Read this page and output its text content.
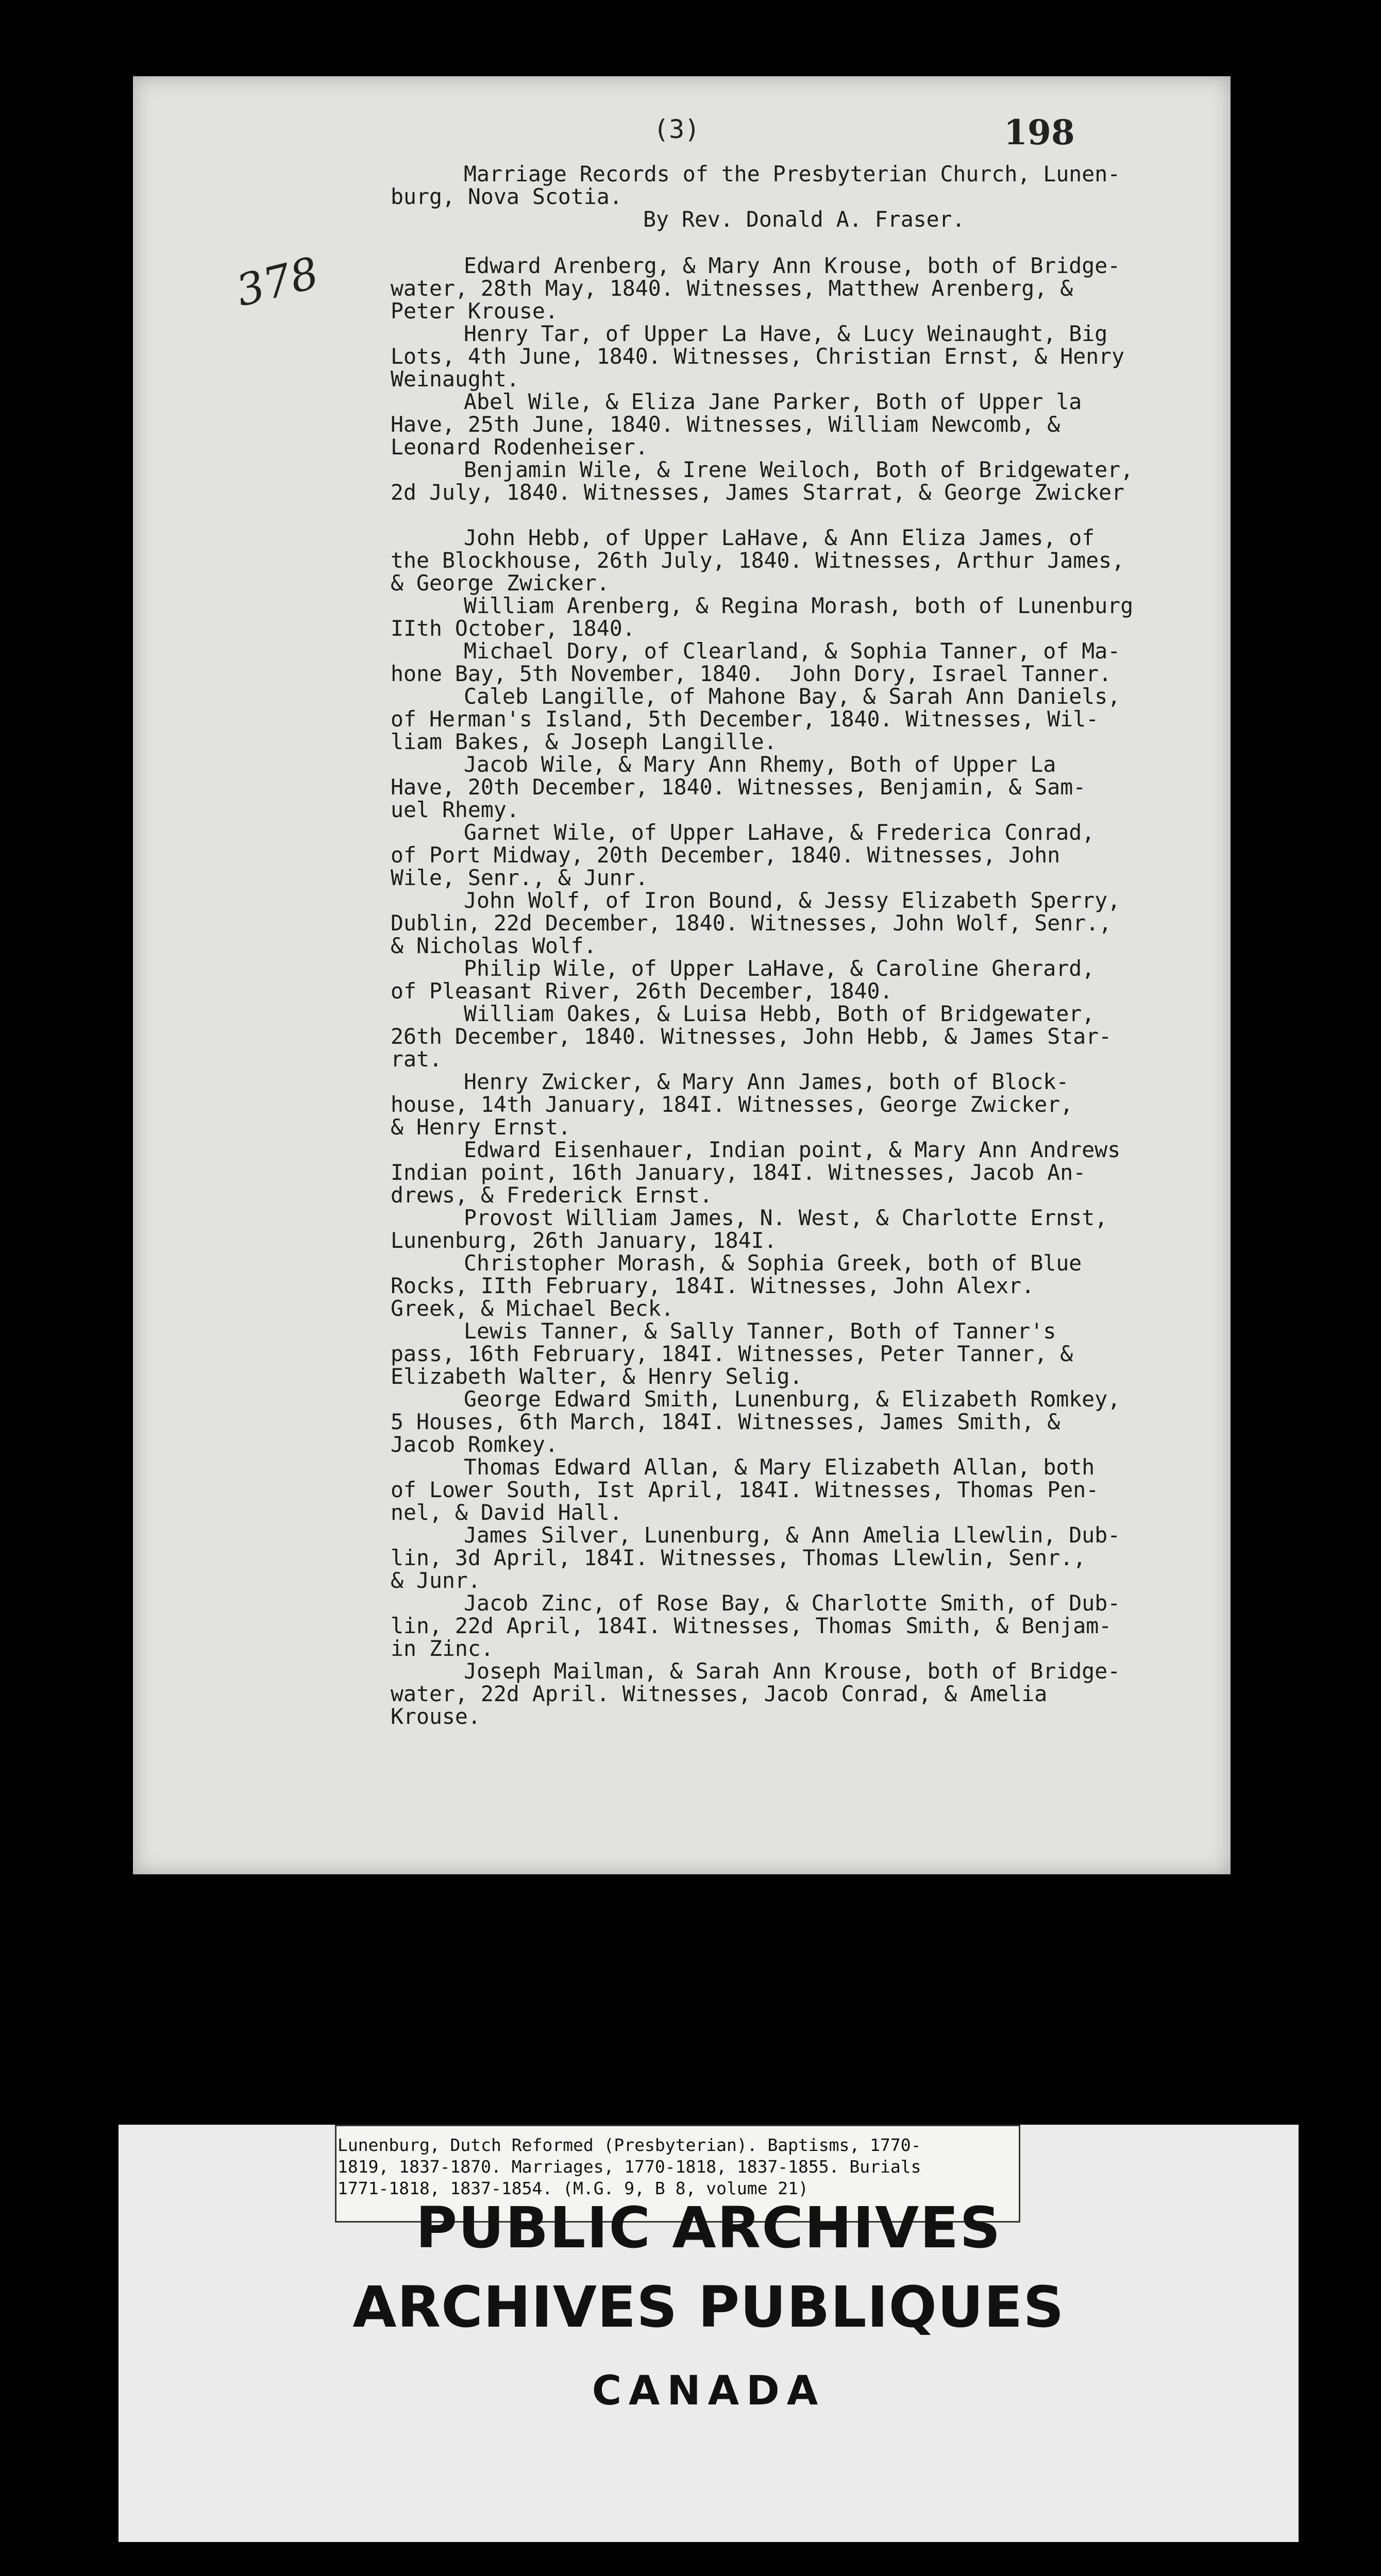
(3)	198
378
Marriage Records of the Presbyterian Church, Lunen-
burg, Nova Scotia.
By Rev. Donald A. Fraser.
Edward Arenberg, & Mary Ann Krouse, both of Bridge-
water, 28th May, 1840. Witnesses, Matthew Arenberg, &
Peter Krouse.
Henry Tar, of Upper La Have, & Lucy Weinaught, Big
Lots, 4th June, 1840. Witnesses, Christian Ernst, & Henry
Weinaught.
Abel Wile, & Eliza Jane Parker, Both of Upper la
Have, 25th June, 1840. Witnesses, William Newcomb, &
Leonard Rodenheiser.
Benjamin Wile, & Irene Weiloch, Both of Bridgewater,
2d July, 1840. Witnesses, James Starrat, & George Zwicker
John Hebb, of Upper LaHave, & Ann Eliza James, of
the Blockhouse, 26th July, 1840. Witnesses, Arthur James,
& George Zwicker.
William Arenberg, & Regina Morash, both of Lunenburg
IIth October, 1840.
Michael Dory, of Clearland, & Sophia Tanner, of Ma-
hone Bay, 5th November, 1840.  John Dory, Israel Tanner.
Caleb Langille, of Mahone Bay, & Sarah Ann Daniels,
of Herman's Island, 5th December, 1840. Witnesses, Wil-
liam Bakes, & Joseph Langille.
Jacob Wile, & Mary Ann Rhemy, Both of Upper La
Have, 20th December, 1840. Witnesses, Benjamin, & Sam-
uel Rhemy.
Garnet Wile, of Upper LaHave, & Frederica Conrad,
of Port Midway, 20th December, 1840. Witnesses, John
Wile, Senr., & Junr.
John Wolf, of Iron Bound, & Jessy Elizabeth Sperry,
Dublin, 22d December, 1840. Witnesses, John Wolf, Senr.,
& Nicholas Wolf.
Philip Wile, of Upper LaHave, & Caroline Gherard,
of Pleasant River, 26th December, 1840.
William Oakes, & Luisa Hebb, Both of Bridgewater,
26th December, 1840. Witnesses, John Hebb, & James Star-
rat.
Henry Zwicker, & Mary Ann James, both of Block-
house, 14th January, 184I. Witnesses, George Zwicker,
& Henry Ernst.
Edward Eisenhauer, Indian point, & Mary Ann Andrews
Indian point, 16th January, 184I. Witnesses, Jacob An-
drews, & Frederick Ernst.
Provost William James, N. West, & Charlotte Ernst,
Lunenburg, 26th January, 184I.
Christopher Morash, & Sophia Greek, both of Blue
Rocks, IIth February, 184I. Witnesses, John Alexr.
Greek, & Michael Beck.
Lewis Tanner, & Sally Tanner, Both of Tanner's
pass, 16th February, 184I. Witnesses, Peter Tanner, &
Elizabeth Walter, & Henry Selig.
George Edward Smith, Lunenburg, & Elizabeth Romkey,
5 Houses, 6th March, 184I. Witnesses, James Smith, &
Jacob Romkey.
Thomas Edward Allan, & Mary Elizabeth Allan, both
of Lower South, Ist April, 184I. Witnesses, Thomas Pen-
nel, & David Hall.
James Silver, Lunenburg, & Ann Amelia Llewlin, Dub-
lin, 3d April, 184I. Witnesses, Thomas Llewlin, Senr.,
& Junr.
Jacob Zinc, of Rose Bay, & Charlotte Smith, of Dub-
lin, 22d April, 184I. Witnesses, Thomas Smith, & Benjam-
in Zinc.
Joseph Mailman, & Sarah Ann Krouse, both of Bridge-
water, 22d April. Witnesses, Jacob Conrad, & Amelia
Krouse.
Lunenburg, Dutch Reformed (Presbyterian). Baptisms, 1770-
1819, 1837-1870. Marriages, 1770-1818, 1837-1855. Burials
1771-1818, 1837-1854. (M.G. 9, B 8, volume 21)
PUBLIC ARCHIVES
ARCHIVES PUBLIQUES
CANADA
